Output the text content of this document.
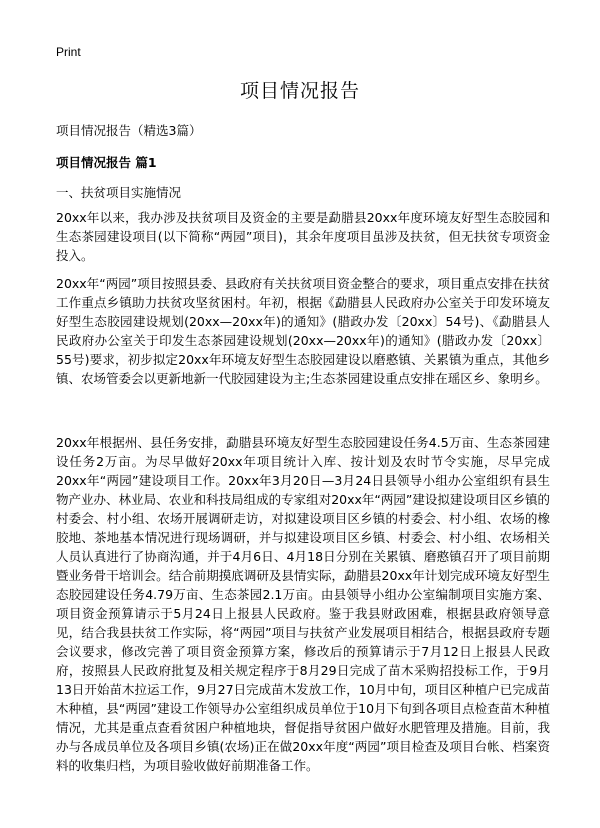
Print
项目情况报告
项目情况报告（精选3篇）
项目情况报告 篇1
一、扶贫项目实施情况

20xx年以来，我办涉及扶贫项目及资金的主要是勐腊县20xx年度环境友好型生态胶园和生态茶园建设项目(以下简称“两园”项目)，其余年度项目虽涉及扶贫，但无扶贫专项资金投入。

20xx年“两园”项目按照县委、县政府有关扶贫项目资金整合的要求，项目重点安排在扶贫工作重点乡镇助力扶贫攻坚贫困村。年初，根据《勐腊县人民政府办公室关于印发环境友好型生态胶园建设规划(20xx—20xx年)的通知》(腊政办发〔20xx〕54号)、《勐腊县人民政府办公室关于印发生态茶园建设规划(20xx—20xx年)的通知》(腊政办发〔20xx〕55号)要求，初步拟定20xx年环境友好型生态胶园建设以磨憨镇、关累镇为重点，其他乡镇、农场管委会以更新地新一代胶园建设为主;生态茶园建设重点安排在瑶区乡、象明乡。

20xx年根据州、县任务安排，勐腊县环境友好型生态胶园建设任务4.5万亩、生态茶园建设任务2万亩。为尽早做好20xx年项目统计入库、按计划及农时节令实施，尽早完成20xx年“两园”建设项目工作。20xx年3月20日—3月24日县领导小组办公室组织有县生物产业办、林业局、农业和科技局组成的专家组对20xx年“两园”建设拟建设项目区乡镇的村委会、村小组、农场开展调研走访，对拟建设项目区乡镇的村委会、村小组、农场的橡胶地、茶地基本情况进行现场调研，并与拟建设项目区乡镇、村委会、村小组、农场相关人员认真进行了协商沟通，并于4月6日、4月18日分别在关累镇、磨憨镇召开了项目前期暨业务骨干培训会。结合前期摸底调研及县情实际，勐腊县20xx年计划完成环境友好型生态胶园建设任务4.79万亩、生态茶园2.1万亩。由县领导小组办公室编制项目实施方案、项目资金预算请示于5月24日上报县人民政府。鉴于我县财政困难，根据县政府领导意见，结合我县扶贫工作实际，将“两园”项目与扶贫产业发展项目相结合，根据县政府专题会议要求，修改完善了项目资金预算方案，修改后的预算请示于7月12日上报县人民政府，按照县人民政府批复及相关规定程序于8月29日完成了苗木采购招投标工作，于9月13日开始苗木拉运工作，9月27日完成苗木发放工作，10月中旬，项目区种植户已完成苗木种植，县“两园”建设工作领导办公室组织成员单位于10月下旬到各项目点检查苗木种植情况，尤其是重点查看贫困户种植地块，督促指导贫困户做好水肥管理及措施。目前，我办与各成员单位及各项目乡镇(农场)正在做20xx年度“两园”项目检查及项目台帐、档案资料的收集归档，为项目验收做好前期准备工作。
